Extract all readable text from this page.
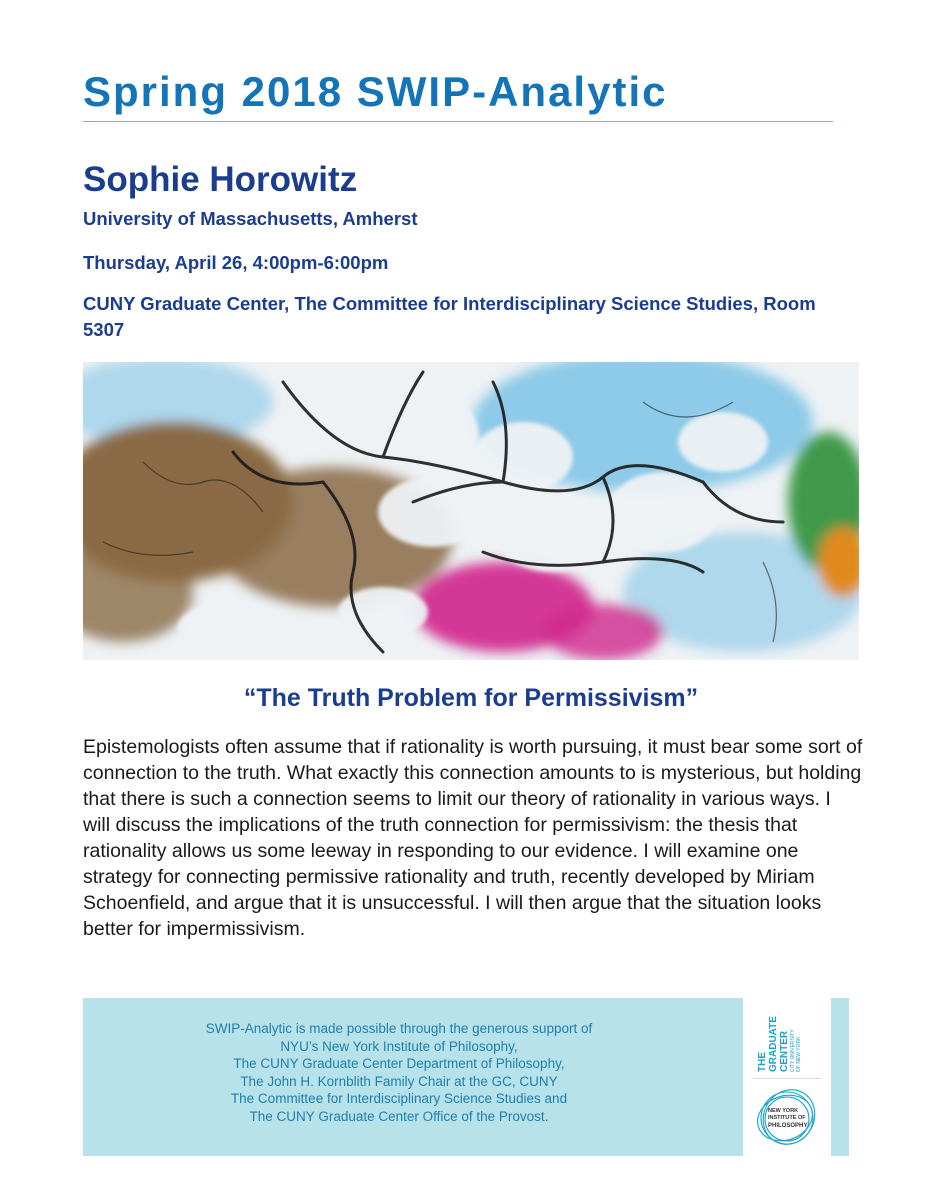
Spring 2018 SWIP-Analytic
Sophie Horowitz

University of Massachusetts, Amherst

Thursday, April 26, 4:00pm-6:00pm

CUNY Graduate Center, The Committee for Interdisciplinary Science Studies, Room 5307

“The Truth Problem for Permissivism”

Epistemologists often assume that if rationality is worth pursuing, it must bear some sort of connection to the truth. What exactly this connection amounts to is mysterious, but holding that there is such a connection seems to limit our theory of rationality in various ways. I will discuss the implications of the truth connection for permissivism: the thesis that rationality allows us some leeway in responding to our evidence. I will examine one strategy for connecting permissive rationality and truth, recently developed by Miriam Schoenfield, and argue that it is unsuccessful. I will then argue that the situation looks better for impermissivism.

SWIP-Analytic is made possible through the generous support of
NYU’s New York Institute of Philosophy,
The CUNY Graduate Center Department of Philosophy,
The John H. Kornblith Family Chair at the GC, CUNY
The Committee for Interdisciplinary Science Studies and
The CUNY Graduate Center Office of the Provost.
THE GRADUATE CENTER CITY UNIVERSITY OF NEW YORK
NEW YORK
INSTITUTE OF
PHILOSOPHY
